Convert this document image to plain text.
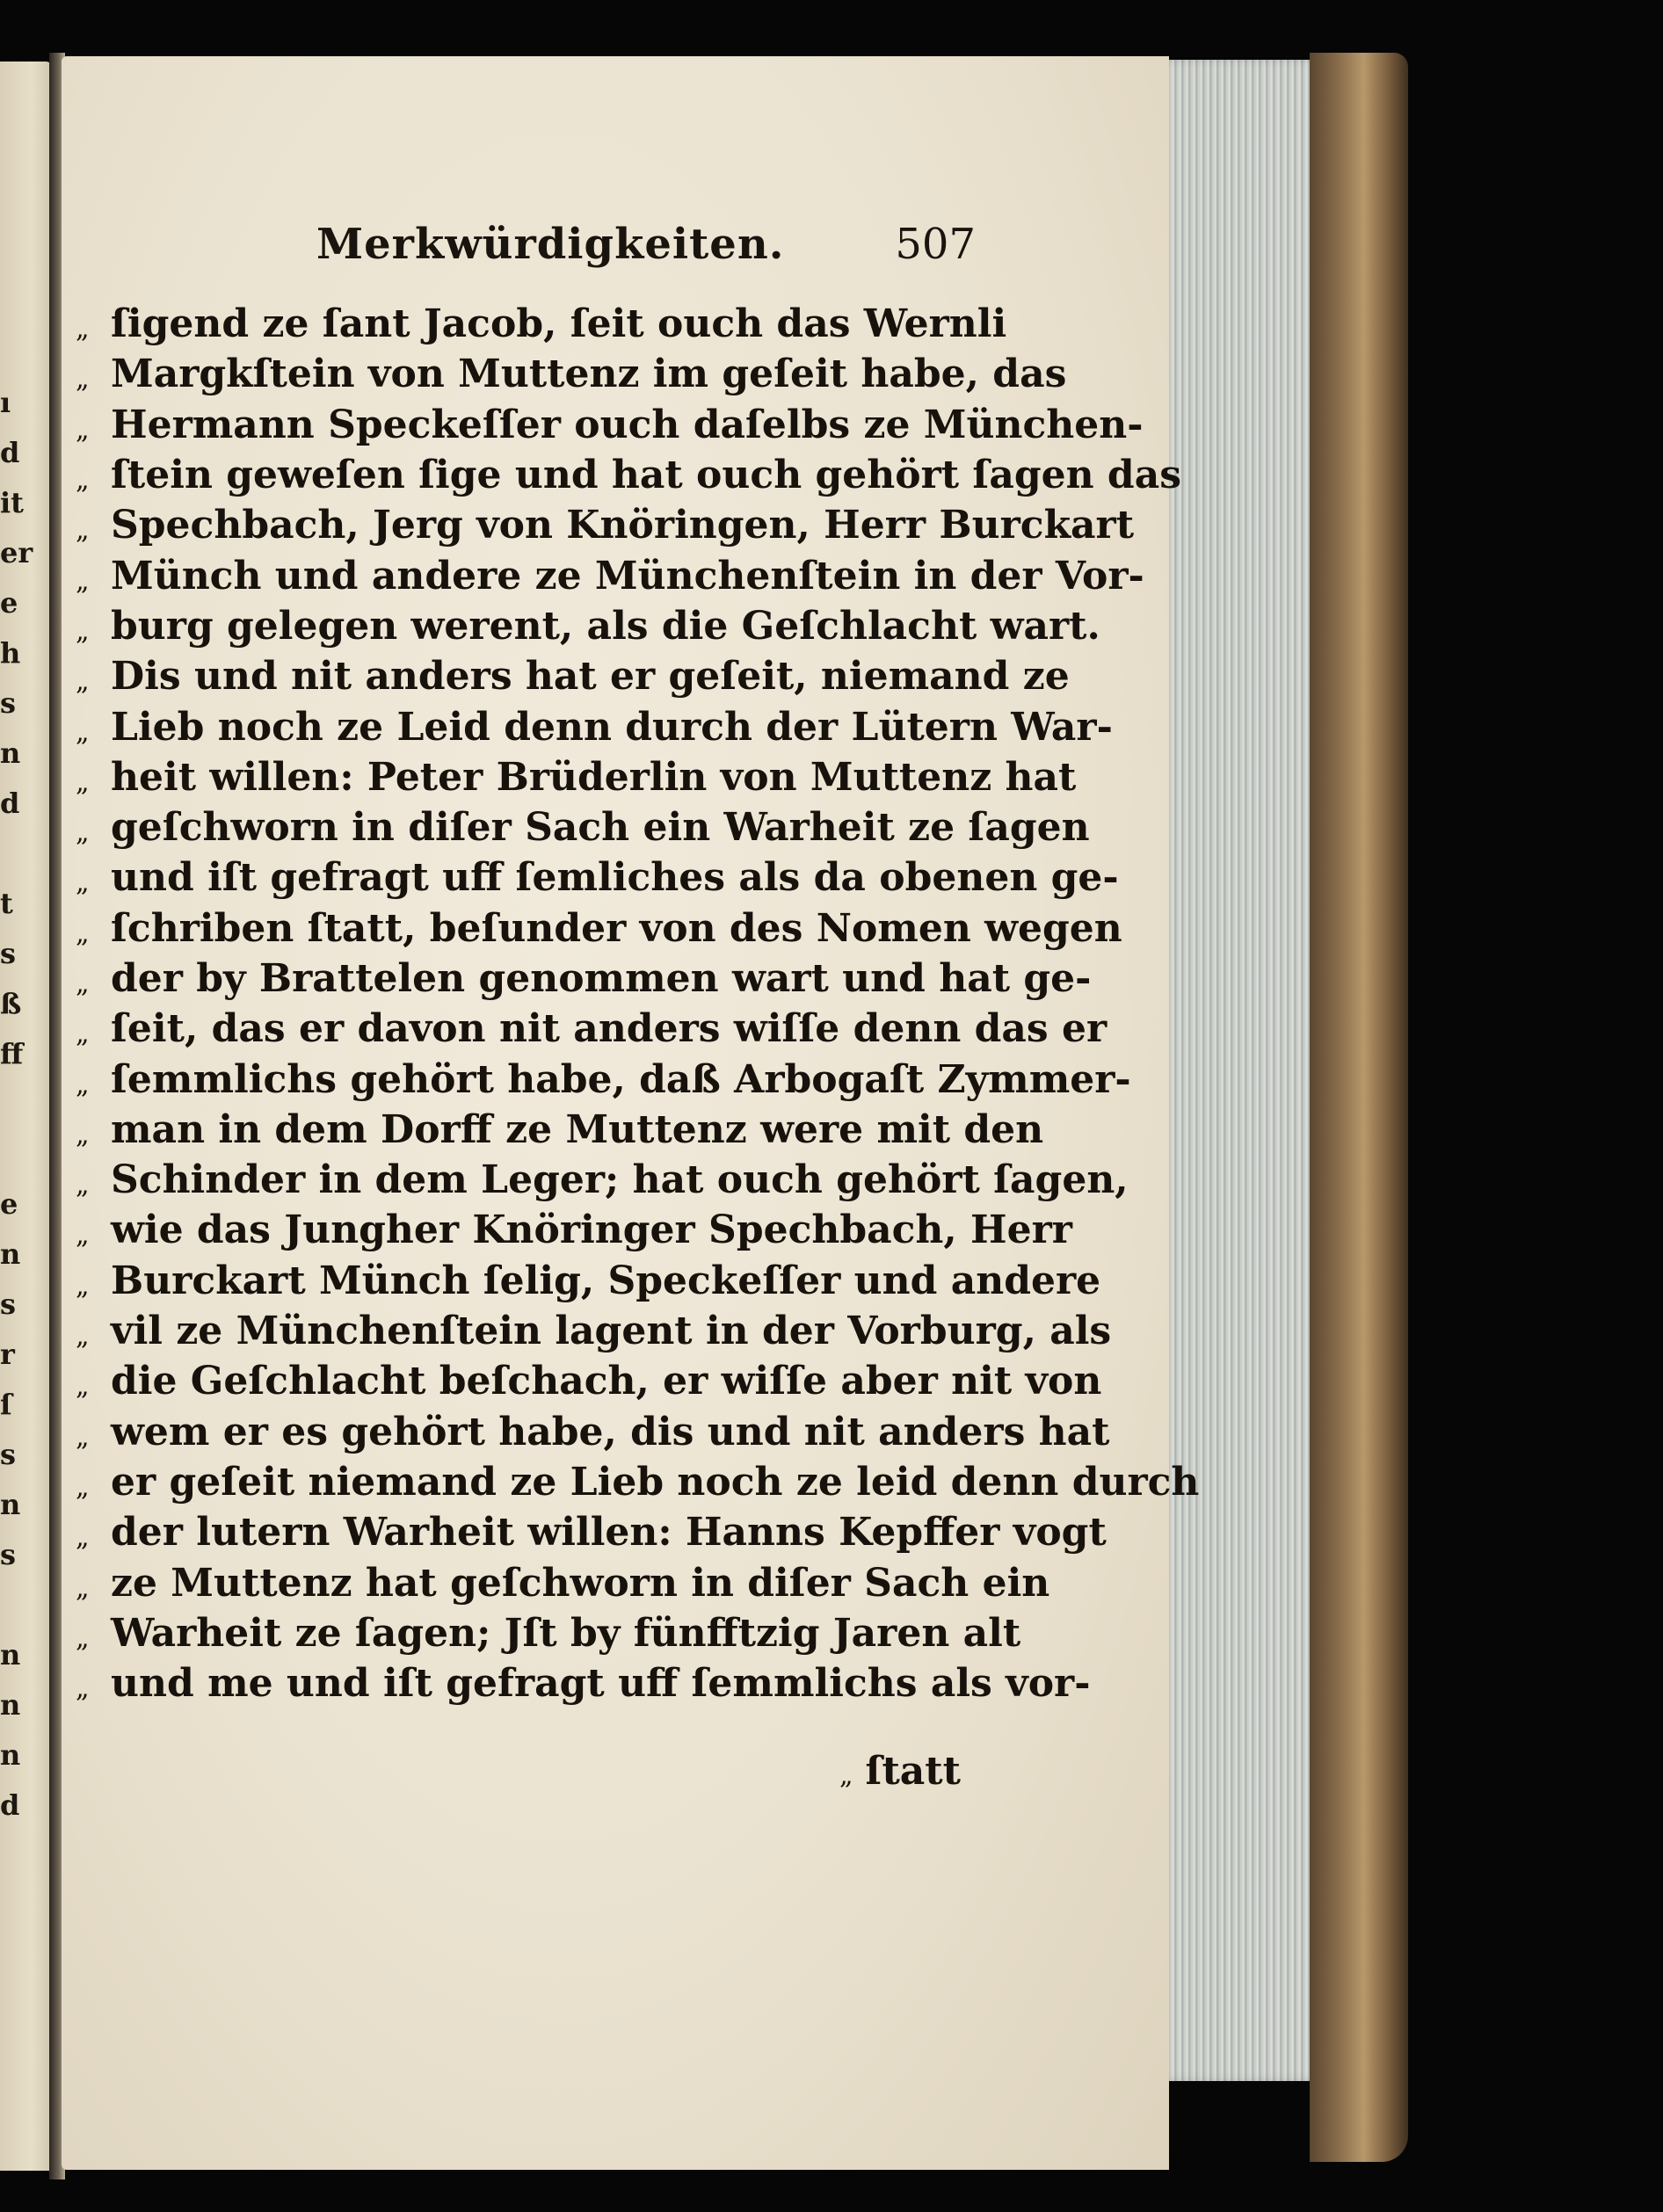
ı
d
it
er
e
h
s
n
d
t
s
ß
ff
e
n
s
r
ſ
s
n
s
n
n
n
d
Merkwürdigkeiten.	507
„ ſigend ze ſant Jacob, ſeit ouch das Wernli
„ Margkſtein von Muttenz im geſeit habe, das
„ Hermann Speckeſſer ouch daſelbs ze München-
„ ſtein geweſen ſige und hat ouch gehört ſagen das
„ Spechbach, Jerg von Knöringen, Herr Burckart
„ Münch und andere ze Münchenſtein in der Vor-
„ burg gelegen werent, als die Geſchlacht wart.
„ Dis und nit anders hat er geſeit, niemand ze
„ Lieb noch ze Leid denn durch der Lütern War-
„ heit willen: Peter Brüderlin von Muttenz hat
„ geſchworn in diſer Sach ein Warheit ze ſagen
„ und iſt gefragt uff ſemliches als da obenen ge-
„ ſchriben ſtatt, beſunder von des Nomen wegen
„ der by Brattelen genommen wart und hat ge-
„ ſeit, das er davon nit anders wiſſe denn das er
„ ſemmlichs gehört habe, daß Arbogaſt Zymmer-
„ man in dem Dorff ze Muttenz were mit den
„ Schinder in dem Leger; hat ouch gehört ſagen,
„ wie das Jungher Knöringer Spechbach, Herr
„ Burckart Münch ſelig, Speckeſſer und andere
„ vil ze Münchenſtein lagent in der Vorburg, als
„ die Geſchlacht beſchach, er wiſſe aber nit von
„ wem er es gehört habe, dis und nit anders hat
„ er geſeit niemand ze Lieb noch ze leid denn durch
„ der lutern Warheit willen: Hanns Kepffer vogt
„ ze Muttenz hat geſchworn in diſer Sach ein
„ Warheit ze ſagen; Jſt by fünfftzig Jaren alt
„ und me und iſt gefragt uff ſemmlichs als vor-
„ ſtatt
